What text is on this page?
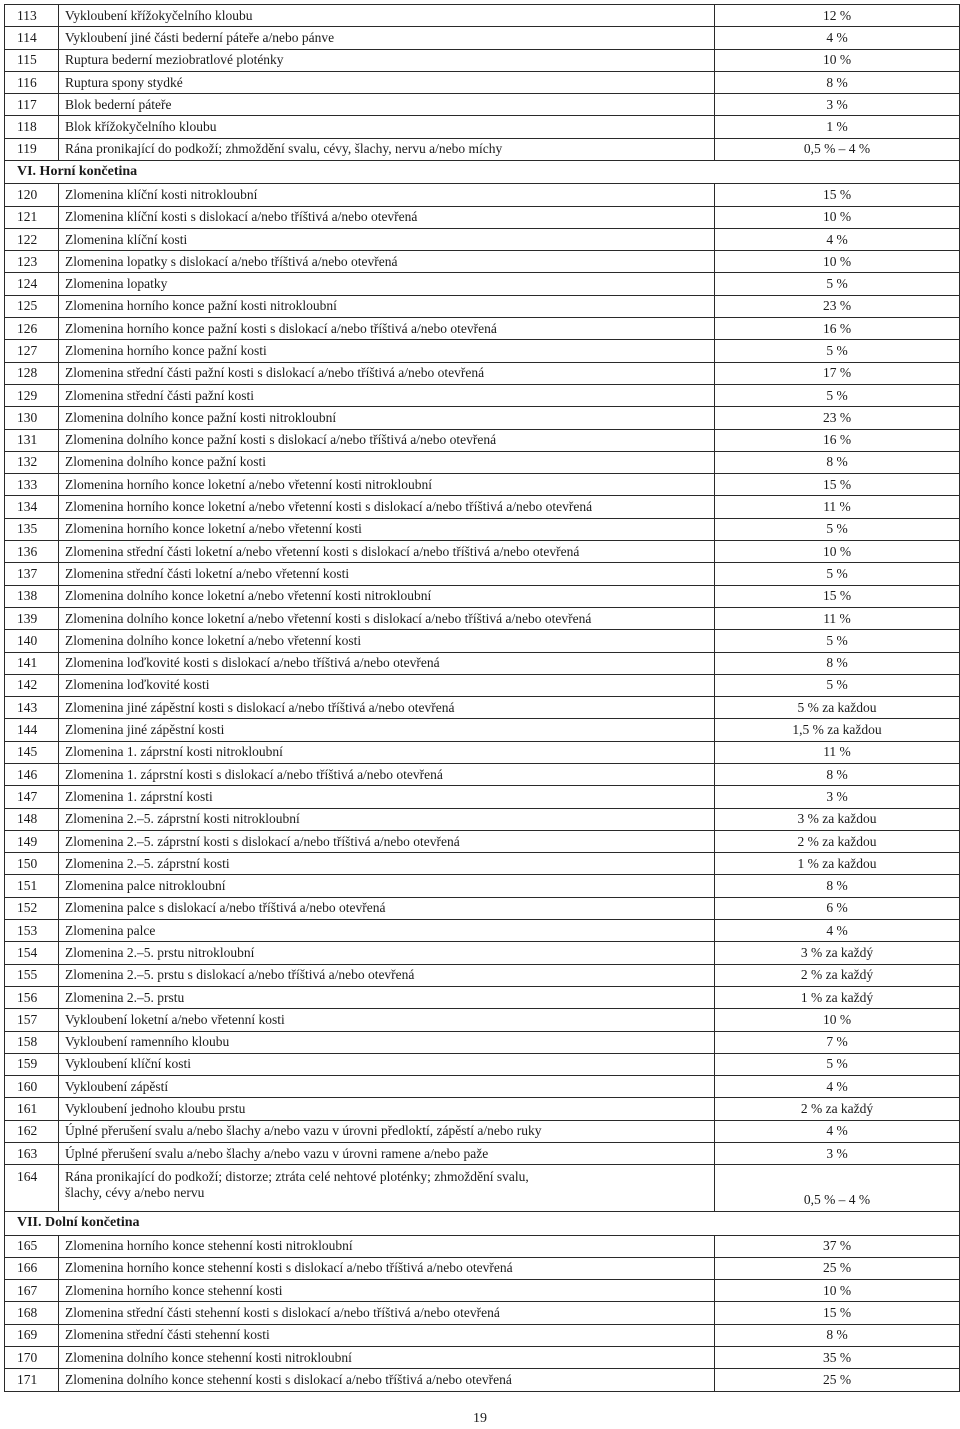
113	Vykloubení křížokyčelního kloubu	12 %
114	Vykloubení jiné části bederní páteře a/nebo pánve	4 %
115	Ruptura bederní meziobratlové ploténky	10 %
116	Ruptura spony stydké	8 %
117	Blok bederní páteře	3 %
118	Blok křížokyčelního kloubu	1 %
119	Rána pronikající do podkoží; zhmoždění svalu, cévy, šlachy, nervu a/nebo míchy	0,5 % – 4 %
VI. Horní končetina		
120	Zlomenina klíční kosti nitrokloubní	15 %
121	Zlomenina klíční kosti s dislokací a/nebo tříštivá a/nebo otevřená	10 %
122	Zlomenina klíční kosti	4 %
123	Zlomenina lopatky s dislokací a/nebo tříštivá a/nebo otevřená	10 %
124	Zlomenina lopatky	5 %
125	Zlomenina horního konce pažní kosti nitrokloubní	23 %
126	Zlomenina horního konce pažní kosti s dislokací a/nebo tříštivá a/nebo otevřená	16 %
127	Zlomenina horního konce pažní kosti	5 %
128	Zlomenina střední části pažní kosti s dislokací a/nebo tříštivá a/nebo otevřená	17 %
129	Zlomenina střední části pažní kosti	5 %
130	Zlomenina dolního konce pažní kosti nitrokloubní	23 %
131	Zlomenina dolního konce pažní kosti s dislokací a/nebo tříštivá a/nebo otevřená	16 %
132	Zlomenina dolního konce pažní kosti	8 %
133	Zlomenina horního konce loketní a/nebo vřetenní kosti nitrokloubní	15 %
134	Zlomenina horního konce loketní a/nebo vřetenní kosti s dislokací a/nebo tříštivá a/nebo otevřená	11 %
135	Zlomenina horního konce loketní a/nebo vřetenní kosti	5 %
136	Zlomenina střední části loketní a/nebo vřetenní kosti s dislokací a/nebo tříštivá a/nebo otevřená	10 %
137	Zlomenina střední části loketní a/nebo vřetenní kosti	5 %
138	Zlomenina dolního konce loketní a/nebo vřetenní kosti nitrokloubní	15 %
139	Zlomenina dolního konce loketní a/nebo vřetenní kosti s dislokací a/nebo tříštivá a/nebo otevřená	11 %
140	Zlomenina dolního konce loketní a/nebo vřetenní kosti	5 %
141	Zlomenina loďkovité kosti s dislokací a/nebo tříštivá a/nebo otevřená	8 %
142	Zlomenina loďkovité kosti	5 %
143	Zlomenina jiné zápěstní kosti s dislokací a/nebo tříštivá a/nebo otevřená	5 % za každou
144	Zlomenina jiné zápěstní kosti	1,5 % za každou
145	Zlomenina 1. záprstní kosti nitrokloubní	11 %
146	Zlomenina 1. záprstní kosti s dislokací a/nebo tříštivá a/nebo otevřená	8 %
147	Zlomenina 1. záprstní kosti	3 %
148	Zlomenina 2.–5. záprstní kosti nitrokloubní	3 % za každou
149	Zlomenina 2.–5. záprstní kosti s dislokací a/nebo tříštivá a/nebo otevřená	2 % za každou
150	Zlomenina 2.–5. záprstní kosti	1 % za každou
151	Zlomenina palce nitrokloubní	8 %
152	Zlomenina palce s dislokací a/nebo tříštivá a/nebo otevřená	6 %
153	Zlomenina palce	4 %
154	Zlomenina 2.–5. prstu nitrokloubní	3 % za každý
155	Zlomenina 2.–5. prstu s dislokací a/nebo tříštivá a/nebo otevřená	2 % za každý
156	Zlomenina 2.–5. prstu	1 % za každý
157	Vykloubení loketní a/nebo vřetenní kosti	10 %
158	Vykloubení ramenního kloubu	7 %
159	Vykloubení klíční kosti	5 %
160	Vykloubení zápěstí	4 %
161	Vykloubení jednoho kloubu prstu	2 % za každý
162	Úplné přerušení svalu a/nebo šlachy a/nebo vazu v úrovni předloktí, zápěstí a/nebo ruky	4 %
163	Úplné přerušení svalu a/nebo šlachy a/nebo vazu v úrovni ramene a/nebo paže	3 %
164	Rána pronikající do podkoží; distorze; ztráta celé nehtové ploténky; zhmoždění svalu,
šlachy, cévy a/nebo nervu	0,5 % – 4 %
VII. Dolní končetina		
165	Zlomenina horního konce stehenní kosti nitrokloubní	37 %
166	Zlomenina horního konce stehenní kosti s dislokací a/nebo tříštivá a/nebo otevřená	25 %
167	Zlomenina horního konce stehenní kosti	10 %
168	Zlomenina střední části stehenní kosti s dislokací a/nebo tříštivá a/nebo otevřená	15 %
169	Zlomenina střední části stehenní kosti	8 %
170	Zlomenina dolního konce stehenní kosti nitrokloubní	35 %
171	Zlomenina dolního konce stehenní kosti s dislokací a/nebo tříštivá a/nebo otevřená	25 %
19
